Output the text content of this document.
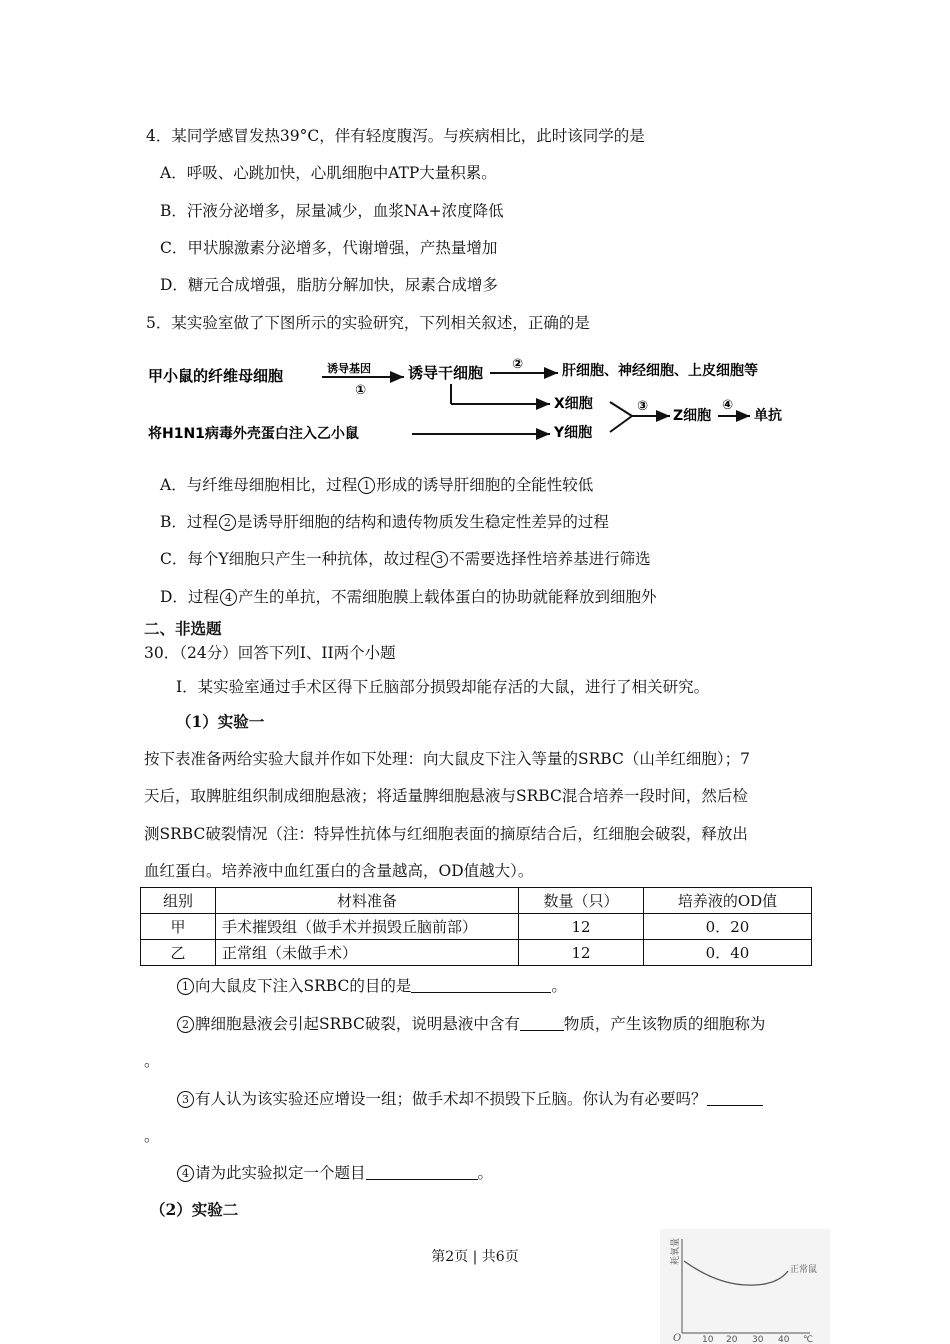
4．某同学感冒发热39°C，伴有轻度腹泻。与疾病相比，此时该同学的是
A．呼吸、心跳加快，心肌细胞中ATP大量积累。
B．汗液分泌增多，尿量减少，血浆NA+浓度降低
C．甲状腺激素分泌增多，代谢增强，产热量增加
D．糖元合成增强，脂肪分解加快，尿素合成增多
5．某实验室做了下图所示的实验研究，下列相关叙述，正确的是
甲小鼠的纤维母细胞	诱导基因
①
诱导干细胞 ②	肝细胞、神经细胞、上皮细胞等
X细胞
将H1N1病毒外壳蛋白注入乙小鼠	Y细胞
③
Z细胞
④
单抗
A．与纤维母细胞相比，过程 1 形成的诱导肝细胞的全能性较低
B．过程 2 是诱导肝细胞的结构和遗传物质发生稳定性差异的过程
C．每个Y细胞只产生一种抗体，故过程 3 不需要选择性培养基进行筛选
D．过程 4 产生的单抗，不需细胞膜上载体蛋白的协助就能释放到细胞外
二、非选题
30．（24分）回答下列I、II两个小题
I．某实验室通过手术区得下丘脑部分损毁却能存活的大鼠，进行了相关研究。
（1）实验一
按下表准备两给实验大鼠并作如下处理：向大鼠皮下注入等量的SRBC（山羊红细胞）；7
天后，取脾脏组织制成细胞悬液；将适量脾细胞悬液与SRBC混合培养一段时间，然后检
测SRBC破裂情况（注：特异性抗体与红细胞表面的摘原结合后，红细胞会破裂，释放出
血红蛋白。培养液中血红蛋白的含量越高，OD值越大）。
组别	材料准备	数量（只）	培养液的OD值
甲	手术摧毁组（做手术并损毁丘脑前部）	12	0．20
乙	正常组（未做手术）	12	0．40
1 向大鼠皮下注入SRBC的目的是	。
2 脾细胞悬液会引起SRBC破裂，说明悬液中含有	物质，产生该物质的细胞称为
。
3 有人认为该实验还应增设一组；做手术却不损毁下丘脑。你认为有必要吗？
。
4 请为此实验拟定一个题目	。
（2）实验二
第2页 | 共6页	耗氧量
正常鼠
O 10 20 30 40 ℃
